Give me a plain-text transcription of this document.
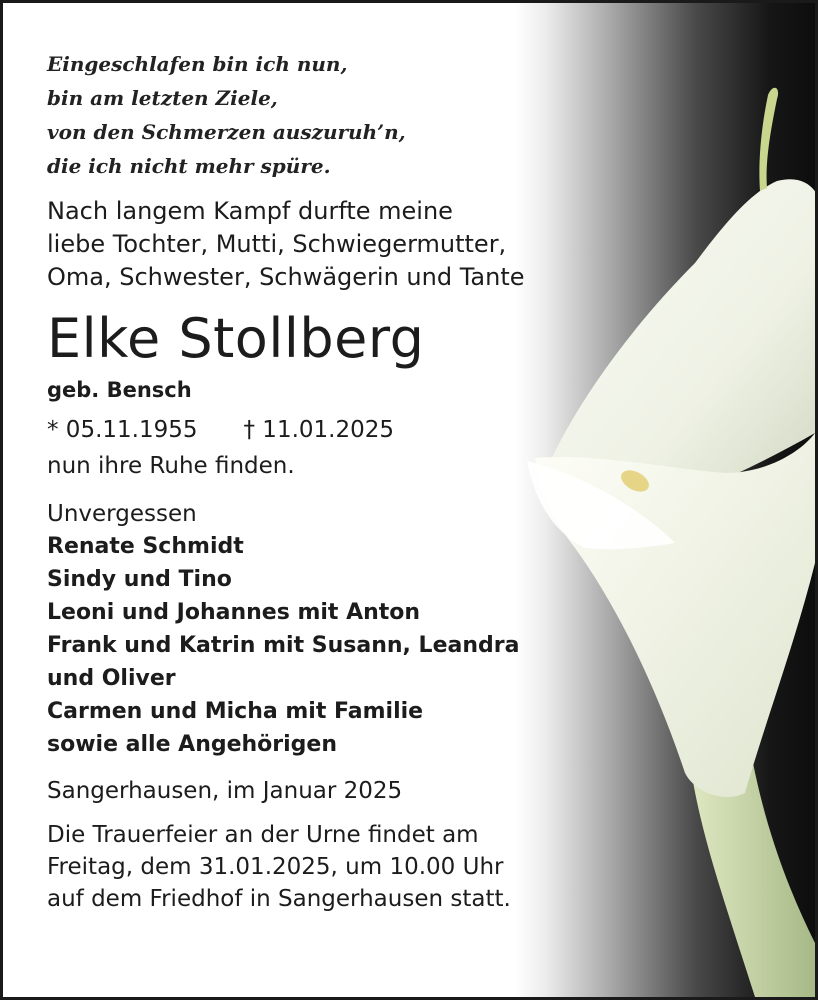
Eingeschlafen bin ich nun,
bin am letzten Ziele,
von den Schmerzen auszuruh’n,
die ich nicht mehr spüre.
Nach langem Kampf durfte meine
liebe Tochter, Mutti, Schwiegermutter,
Oma, Schwester, Schwägerin und Tante
Elke Stollberg
geb. Bensch
* 05.11.1955 † 11.01.2025
nun ihre Ruhe finden.
Unvergessen
Renate Schmidt
Sindy und Tino
Leoni und Johannes mit Anton
Frank und Katrin mit Susann, Leandra
und Oliver
Carmen und Micha mit Familie
sowie alle Angehörigen
Sangerhausen, im Januar 2025
Die Trauerfeier an der Urne findet am
Freitag, dem 31.01.2025, um 10.00 Uhr
auf dem Friedhof in Sangerhausen statt.
